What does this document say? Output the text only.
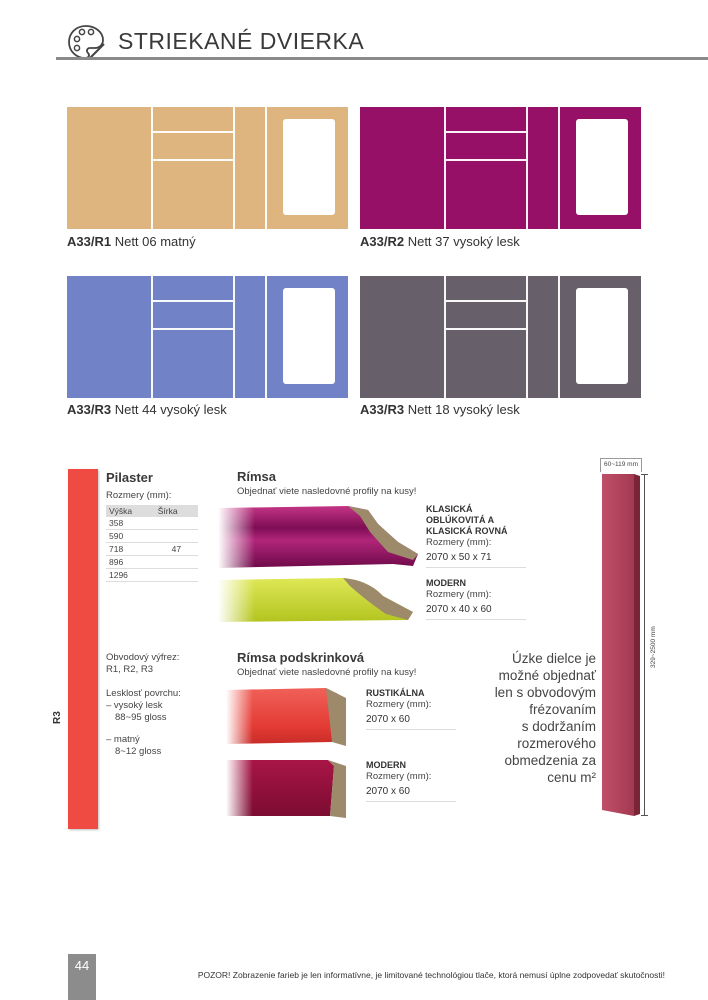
STRIEKANÉ DVIERKA
A33/R1 Nett 06 matný	A33/R2 Nett 37 vysoký lesk
A33/R3 Nett 44 vysoký lesk	A33/R3 Nett 18 vysoký lesk
R3
Pilaster
Rozmery (mm):
Výška	Šírka
358	
590	
718	47
896	
1296	
Obvodový výfrez:
R1, R2, R3
Lesklosť povrchu:
– vysoký lesk
88~95 gloss
– matný
8~12 gloss
Rímsa
Objednať viete nasledovné profily na kusy!
KLASICKÁ
OBLÚKOVITÁ A
KLASICKÁ ROVNÁ
Rozmery (mm):
2070 x 50 x 71
MODERN
Rozmery (mm):
2070 x 40 x 60
Rímsa podskrinková
Objednať viete nasledovné profily na kusy!
RUSTIKÁLNA
Rozmery (mm):
2070 x 60
MODERN
Rozmery (mm):
2070 x 60
Úzke dielce je
možné objednať
len s obvodovým
frézovaním
s dodržaním
rozmerového
obmedzenia za
cenu m²
60~119 mm
329~2500 mm
44
POZOR! Zobrazenie farieb je len informatívne, je limitované technológiou tlače, ktorá nemusí úplne zodpovedať skutočnosti!
